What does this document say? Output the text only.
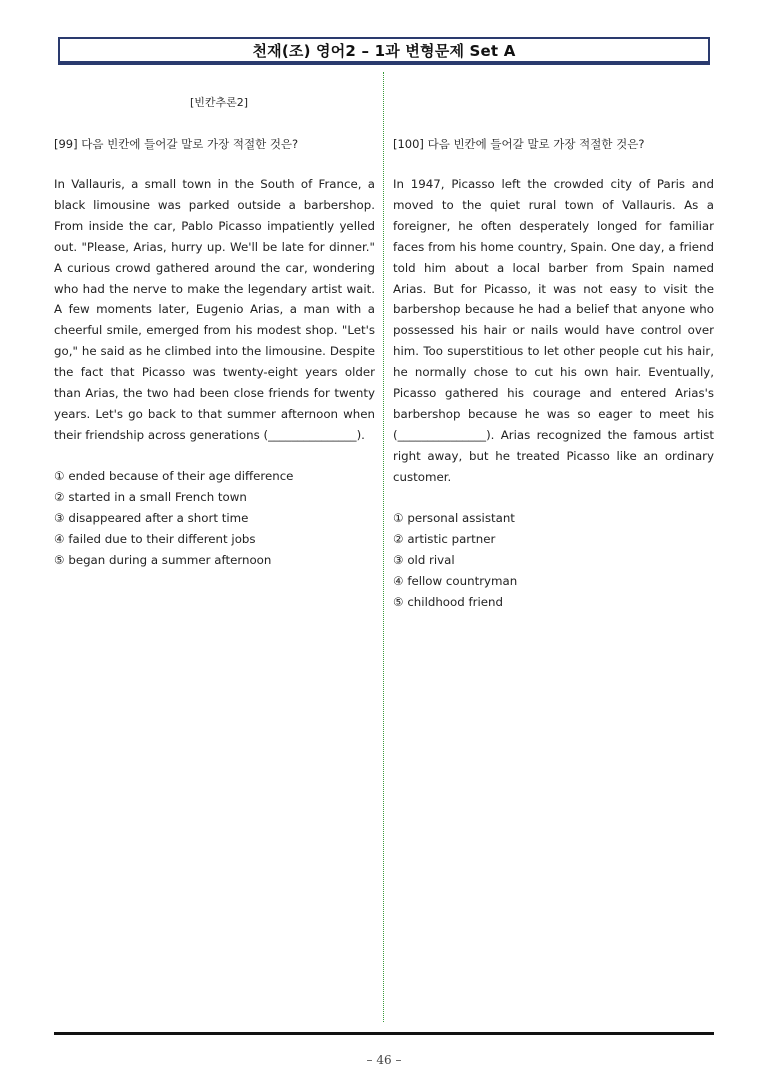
천재(조) 영어2 – 1과 변형문제 Set A
[빈칸추론2]
[99] 다음 빈칸에 들어갈 말로 가장 적절한 것은?

In Vallauris, a small town in the South of France, a black limousine was parked outside a barbershop. From inside the car, Pablo Picasso impatiently yelled out. "Please, Arias, hurry up. We'll be late for dinner." A curious crowd gathered around the car, wondering who had the nerve to make the legendary artist wait. A few moments later, Eugenio Arias, a man with a cheerful smile, emerged from his modest shop. "Let's go," he said as he climbed into the limousine. Despite the fact that Picasso was twenty-eight years older than Arias, the two had been close friends for twenty years. Let's go back to that summer afternoon when their friendship across generations (_______________).

① ended because of their age difference
② started in a small French town
③ disappeared after a short time
④ failed due to their different jobs
⑤ began during a summer afternoon
[100] 다음 빈칸에 들어갈 말로 가장 적절한 것은?

In 1947, Picasso left the crowded city of Paris and moved to the quiet rural town of Vallauris. As a foreigner, he often desperately longed for familiar faces from his home country, Spain. One day, a friend told him about a local barber from Spain named Arias. But for Picasso, it was not easy to visit the barbershop because he had a belief that anyone who possessed his hair or nails would have control over him. Too superstitious to let other people cut his hair, he normally chose to cut his own hair. Eventually, Picasso gathered his courage and entered Arias's barbershop because he was so eager to meet his (_______________). Arias recognized the famous artist right away, but he treated Picasso like an ordinary customer.

① personal assistant
② artistic partner
③ old rival
④ fellow countryman
⑤ childhood friend
– 46 –
